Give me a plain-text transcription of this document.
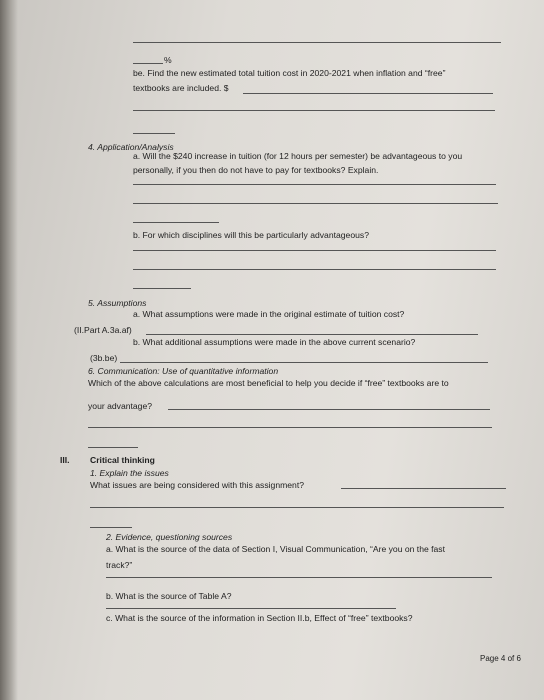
%
be. Find the new estimated total tuition cost in 2020-2021 when inflation and “free”
textbooks are included. $
4. Application/Analysis
a. Will the $240 increase in tuition (for 12 hours per semester) be advantageous to you
personally, if you then do not have to pay for textbooks? Explain.
b. For which disciplines will this be particularly advantageous?
5. Assumptions
a. What assumptions were made in the original estimate of tuition cost?
(II.Part A.3a.af)
b. What additional assumptions were made in the above current scenario?
(3b.be)
6. Communication: Use of quantitative information
Which of the above calculations are most beneficial to help you decide if “free” textbooks are to
your advantage?
III. Critical thinking
1. Explain the issues
What issues are being considered with this assignment?
2. Evidence, questioning sources
a. What is the source of the data of Section I, Visual Communication, “Are you on the fast
track?”
b. What is the source of Table A?
c. What is the source of the information in Section II.b, Effect of “free” textbooks?
Page 4 of 6
